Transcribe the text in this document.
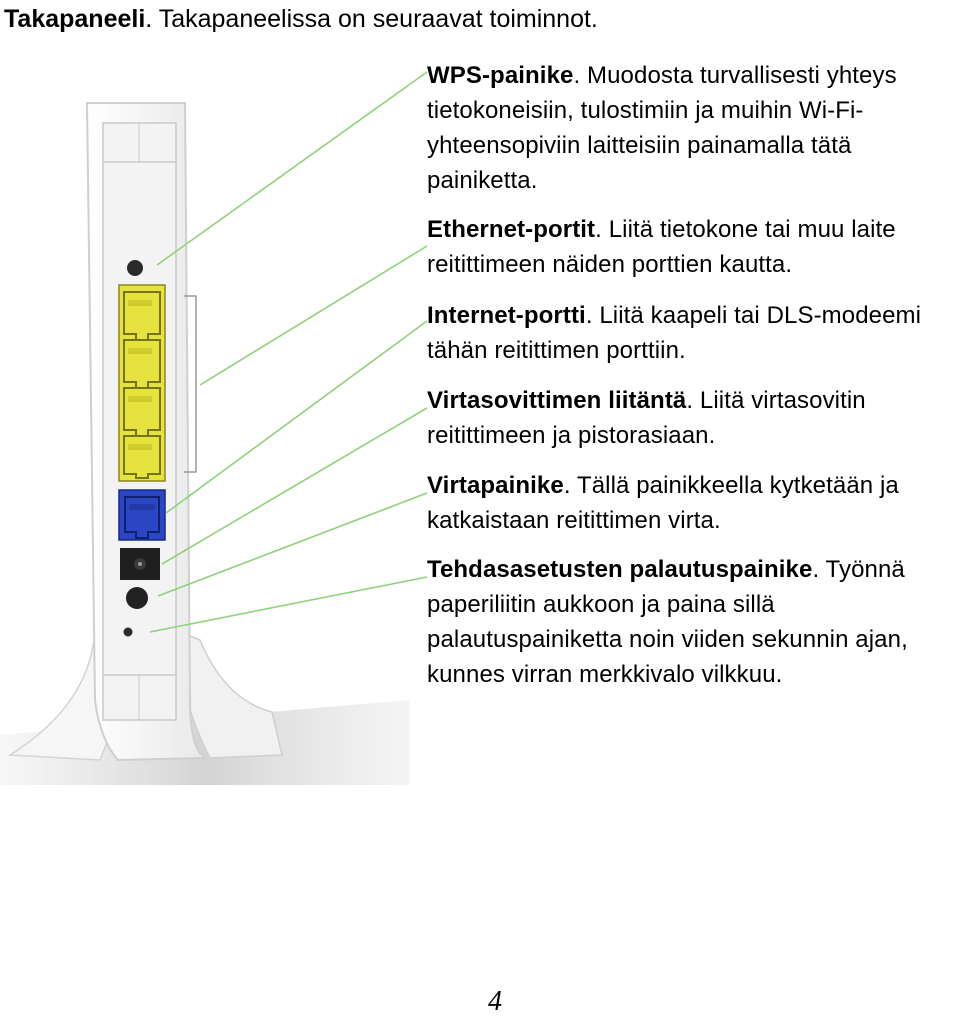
Takapaneeli. Takapaneelissa on seuraavat toiminnot.
WPS-painike. Muodosta turvallisesti yhteys tietokoneisiin, tulostimiin ja muihin Wi-Fi-yhteensopiviin laitteisiin painamalla tätä painiketta.
Ethernet-portit. Liitä tietokone tai muu laite reitittimeen näiden porttien kautta.
Internet-portti. Liitä kaapeli tai DLS-modeemi tähän reitittimen porttiin.
Virtasovittimen liitäntä. Liitä virtasovitin reitittimeen ja pistorasiaan.
Virtapainike. Tällä painikkeella kytketään ja katkaistaan reitittimen virta.
Tehdasasetusten palautuspainike. Työnnä paperiliitin aukkoon ja paina sillä palautuspainiketta noin viiden sekunnin ajan, kunnes virran merkkivalo vilkkuu.
4
